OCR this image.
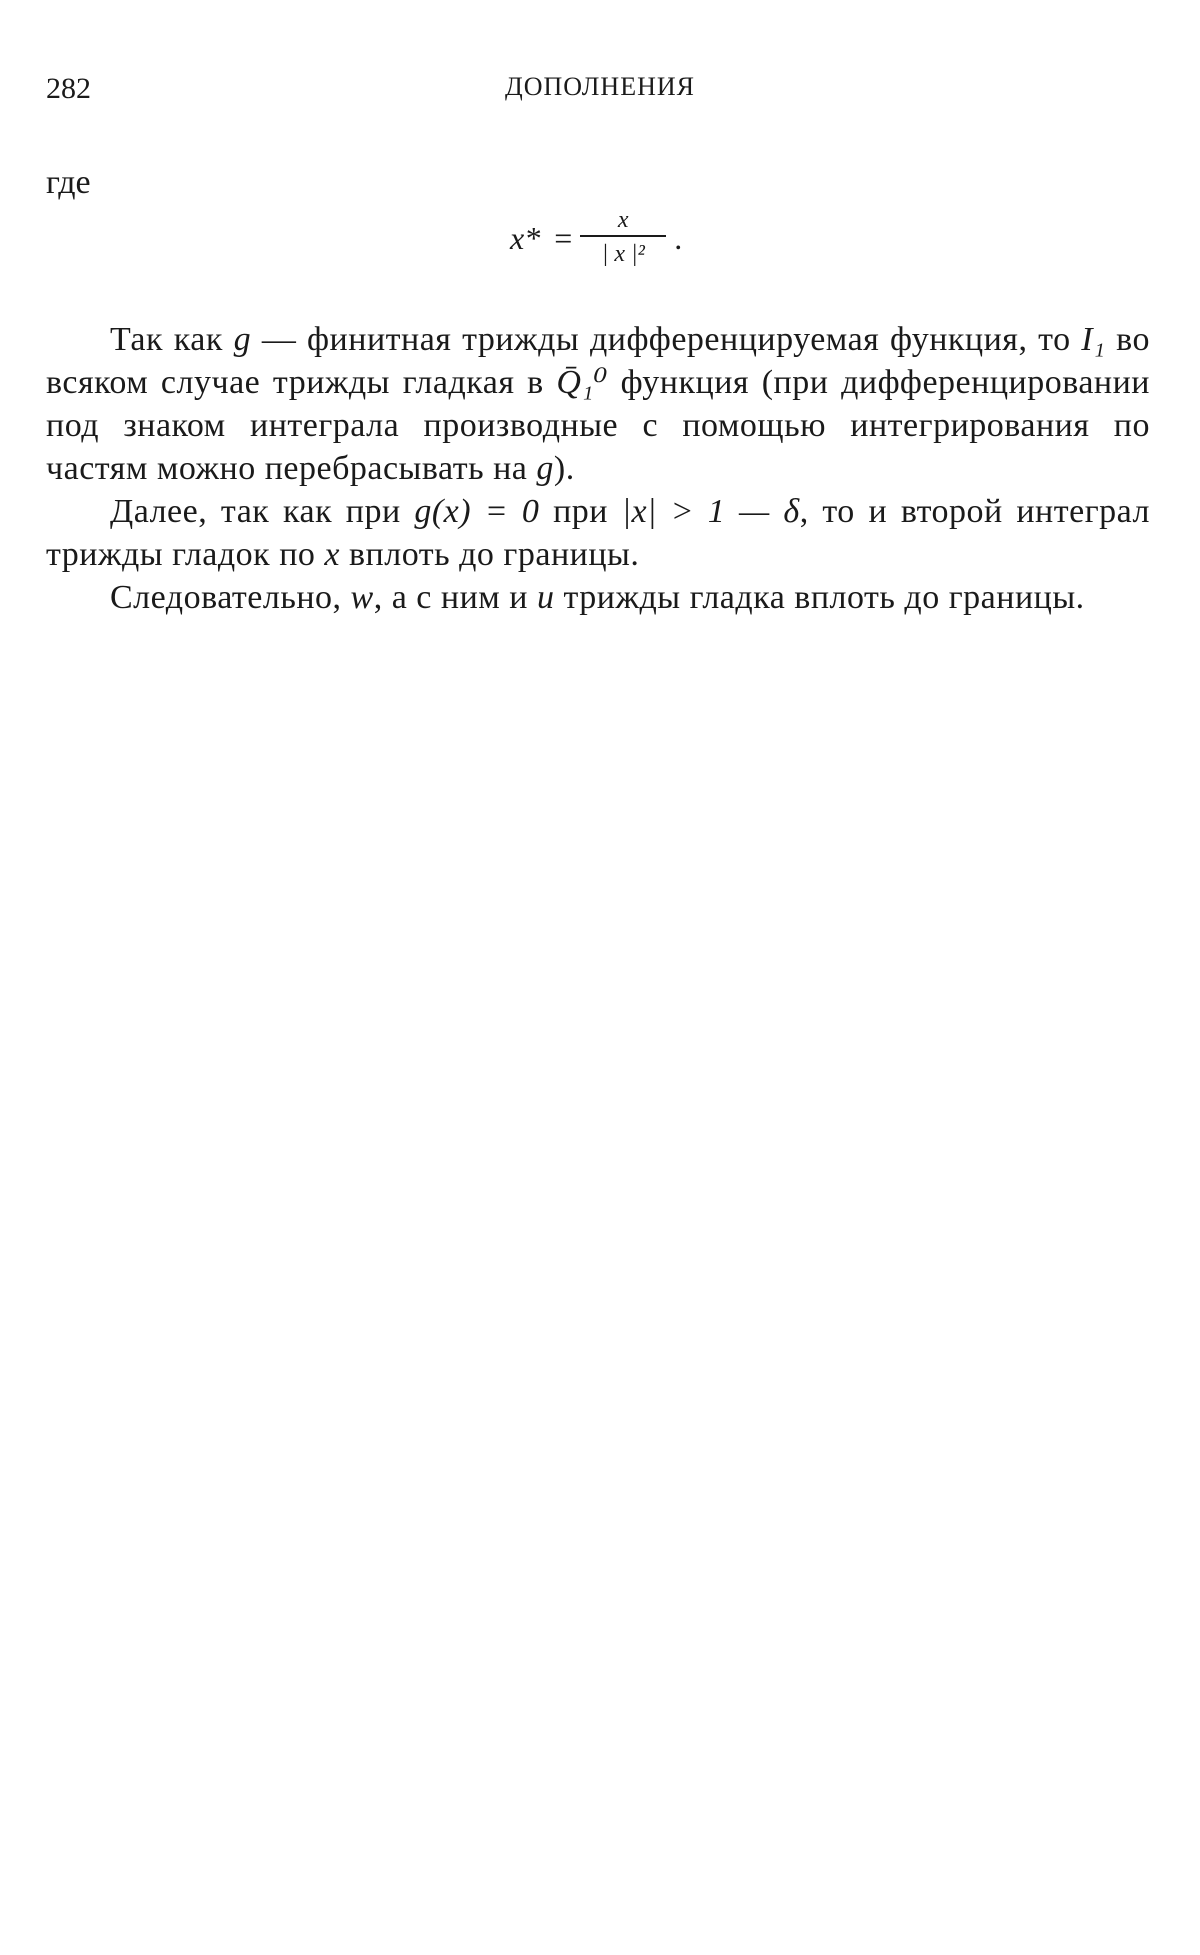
282	ДОПОЛНЕНИЯ
где
$x* = \frac{x}{\text{| x |²}}$ .

Так как g — финитная трижды дифференцируемая функция, то I₁ во всяком случае трижды гладкая в Q̄₁⁰ функция (при дифференцировании под знаком интеграла производные с помощью интегрирования по частям можно перебрасывать на g).

Далее, так как при g(x) = 0 при |x| > 1 — δ, то и второй интеграл трижды гладок по x вплоть до границы.

Следовательно, w, а с ним и u трижды гладка вплоть до границы.
